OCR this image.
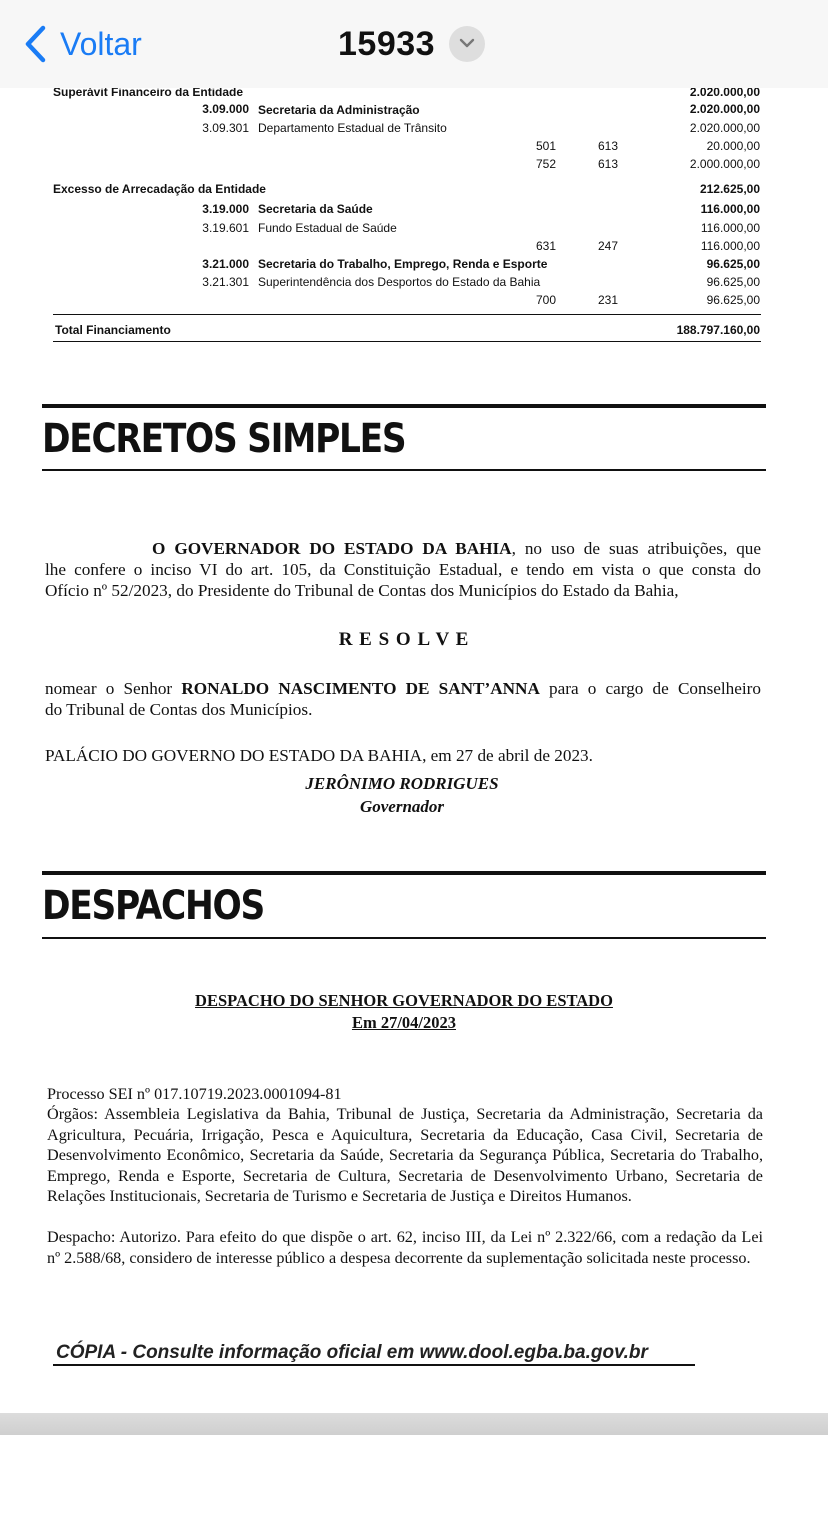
Voltar	15933
Superávit Financeiro da Entidade	2.020.000,00
3.09.000 Secretaria da Administração	2.020.000,00
3.09.301 Departamento Estadual de Trânsito	2.020.000,00
501	613	20.000,00
752	613	2.000.000,00
Excesso de Arrecadação da Entidade	212.625,00
3.19.000 Secretaria da Saúde	116.000,00
3.19.601 Fundo Estadual de Saúde	116.000,00
631	247	116.000,00
3.21.000 Secretaria do Trabalho, Emprego, Renda e Esporte	96.625,00
3.21.301 Superintendência dos Desportos do Estado da Bahia	96.625,00
700	231	96.625,00
Total Financiamento	188.797.160,00
DECRETOS SIMPLES
O GOVERNADOR DO ESTADO DA BAHIA, no uso de suas atribuições, que
lhe confere o inciso VI do art. 105, da Constituição Estadual, e tendo em vista o que consta do
Ofício nº 52/2023, do Presidente do Tribunal de Contas dos Municípios do Estado da Bahia,
R E S O L V E
nomear o Senhor RONALDO NASCIMENTO DE SANT’ANNA para o cargo de Conselheiro
do Tribunal de Contas dos Municípios.
PALÁCIO DO GOVERNO DO ESTADO DA BAHIA, em 27 de abril de 2023.
JERÔNIMO RODRIGUES
Governador
DESPACHOS
DESPACHO DO SENHOR GOVERNADOR DO ESTADO
Em 27/04/2023
Processo SEI nº 017.10719.2023.0001094-81
Órgãos: Assembleia Legislativa da Bahia, Tribunal de Justiça, Secretaria da Administração, Secretaria da Agricultura, Pecuária, Irrigação, Pesca e Aquicultura, Secretaria da Educação, Casa Civil, Secretaria de Desenvolvimento Econômico, Secretaria da Saúde, Secretaria da Segurança Pública, Secretaria do Trabalho, Emprego, Renda e Esporte, Secretaria de Cultura, Secretaria de Desenvolvimento Urbano, Secretaria de Relações Institucionais, Secretaria de Turismo e Secretaria de Justiça e Direitos Humanos.
Despacho: Autorizo. Para efeito do que dispõe o art. 62, inciso III, da Lei nº 2.322/66, com a redação da Lei nº 2.588/68, considero de interesse público a despesa decorrente da suplementação solicitada neste processo.
CÓPIA - Consulte informação oficial em www.dool.egba.ba.gov.br
